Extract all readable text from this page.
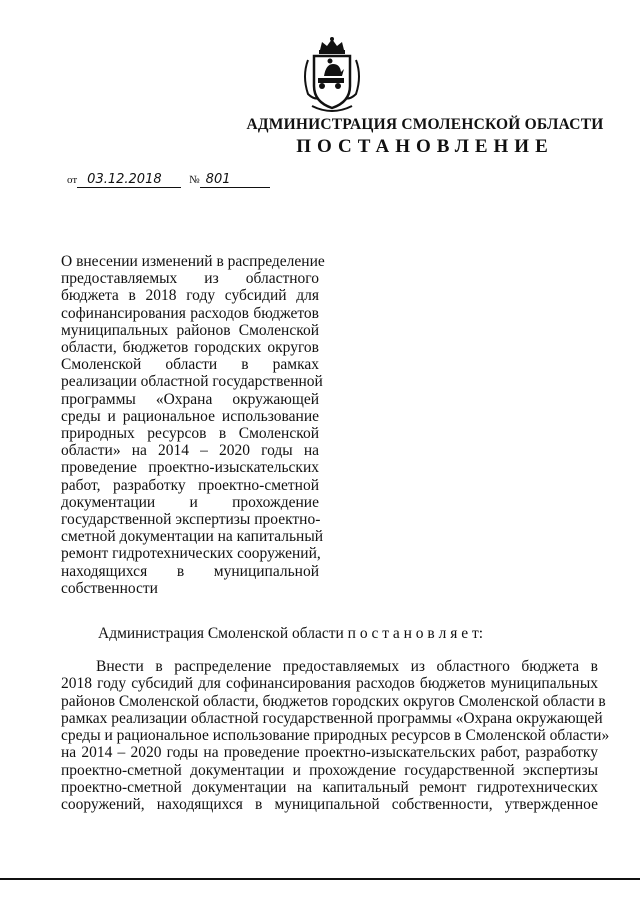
АДМИНИСТРАЦИЯ СМОЛЕНСКОЙ ОБЛАСТИ
ПОСТАНОВЛЕНИЕ
от 03.12.2018	№ 801
О внесении изменений в распределение
предоставляемых из областного
бюджета в 2018 году субсидий для
софинансирования расходов бюджетов
муниципальных районов Смоленской
области, бюджетов городских округов
Смоленской области в рамках
реализации областной государственной
программы «Охрана окружающей
среды и рациональное использование
природных ресурсов в Смоленской
области» на 2014 – 2020 годы на
проведение проектно-изыскательских
работ, разработку проектно-сметной
документации и прохождение
государственной экспертизы проектно-
сметной документации на капитальный
ремонт гидротехнических сооружений,
находящихся в муниципальной
собственности
Администрация Смоленской области п о с т а н о в л я е т:
Внести в распределение предоставляемых из областного бюджета в
2018 году субсидий для софинансирования расходов бюджетов муниципальных
районов Смоленской области, бюджетов городских округов Смоленской области в
рамках реализации областной государственной программы «Охрана окружающей
среды и рациональное использование природных ресурсов в Смоленской области»
на 2014 – 2020 годы на проведение проектно-изыскательских работ, разработку
проектно-сметной документации и прохождение государственной экспертизы
проектно-сметной документации на капитальный ремонт гидротехнических
сооружений, находящихся в муниципальной собственности, утвержденное
